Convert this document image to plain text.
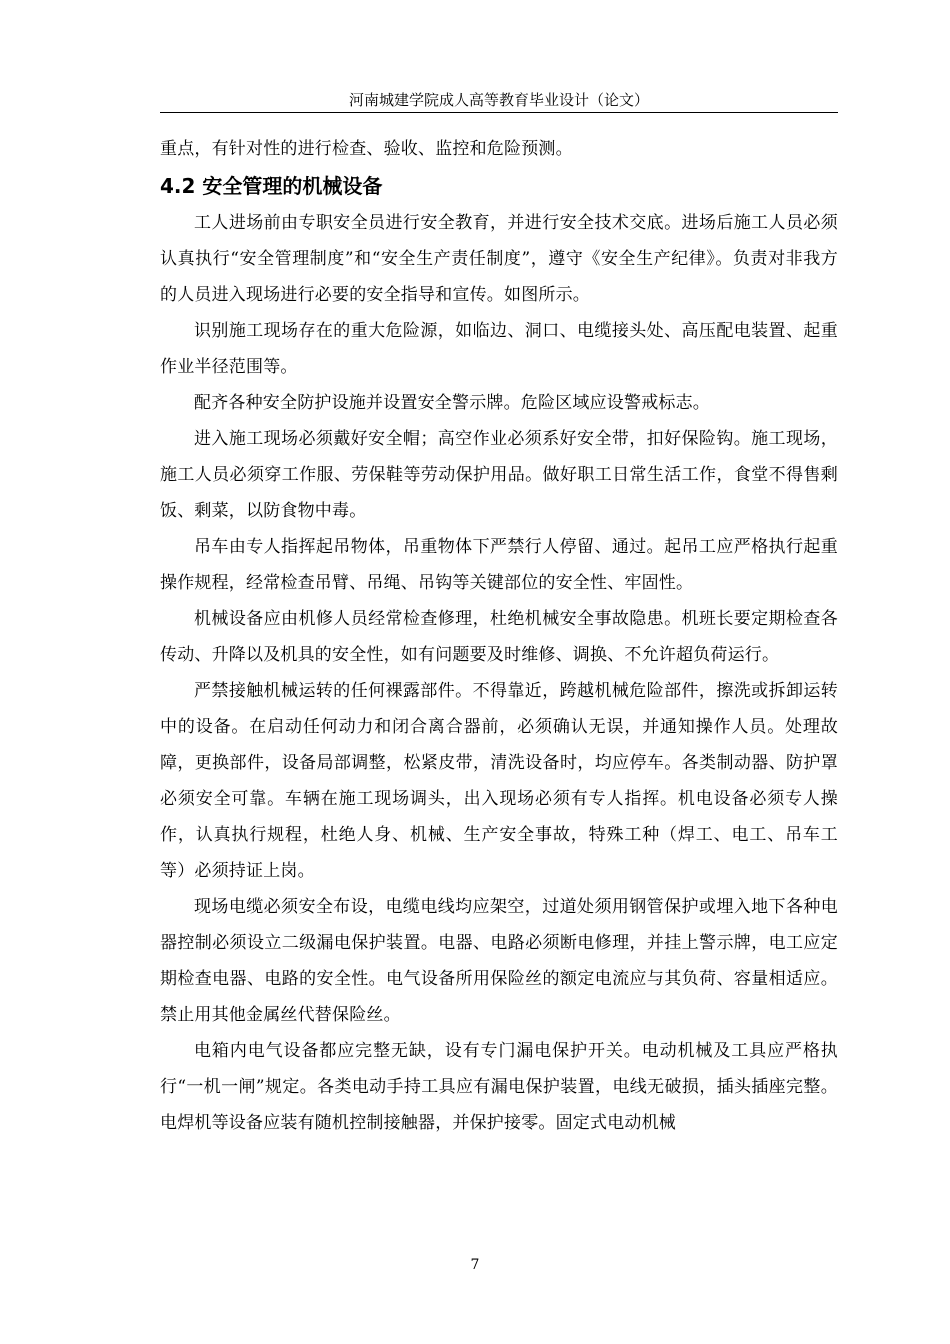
河南城建学院成人高等教育毕业设计（论文）

重点，有针对性的进行检查、验收、监控和危险预测。

4.2 安全管理的机械设备

工人进场前由专职安全员进行安全教育，并进行安全技术交底。进场后施工人员必须认真执行“安全管理制度”和“安全生产责任制度”，遵守《安全生产纪律》。负责对非我方的人员进入现场进行必要的安全指导和宣传。如图所示。

识别施工现场存在的重大危险源，如临边、洞口、电缆接头处、高压配电装置、起重作业半径范围等。

配齐各种安全防护设施并设置安全警示牌。危险区域应设警戒标志。

进入施工现场必须戴好安全帽；高空作业必须系好安全带，扣好保险钩。施工现场，施工人员必须穿工作服、劳保鞋等劳动保护用品。做好职工日常生活工作，食堂不得售剩饭、剩菜，以防食物中毒。

吊车由专人指挥起吊物体，吊重物体下严禁行人停留、通过。起吊工应严格执行起重操作规程，经常检查吊臂、吊绳、吊钩等关键部位的安全性、牢固性。

机械设备应由机修人员经常检查修理，杜绝机械安全事故隐患。机班长要定期检查各传动、升降以及机具的安全性，如有问题要及时维修、调换、不允许超负荷运行。

严禁接触机械运转的任何裸露部件。不得靠近，跨越机械危险部件，擦洗或拆卸运转中的设备。在启动任何动力和闭合离合器前，必须确认无误，并通知操作人员。处理故障，更换部件，设备局部调整，松紧皮带，清洗设备时，均应停车。各类制动器、防护罩必须安全可靠。车辆在施工现场调头，出入现场必须有专人指挥。机电设备必须专人操作，认真执行规程，杜绝人身、机械、生产安全事故，特殊工种（焊工、电工、吊车工等）必须持证上岗。

现场电缆必须安全布设，电缆电线均应架空，过道处须用钢管保护或埋入地下各种电器控制必须设立二级漏电保护装置。电器、电路必须断电修理，并挂上警示牌，电工应定期检查电器、电路的安全性。电气设备所用保险丝的额定电流应与其负荷、容量相适应。禁止用其他金属丝代替保险丝。

电箱内电气设备都应完整无缺，设有专门漏电保护开关。电动机械及工具应严格执行“一机一闸”规定。各类电动手持工具应有漏电保护装置，电线无破损，插头插座完整。电焊机等设备应装有随机控制接触器，并保护接零。固定式电动机械

7
